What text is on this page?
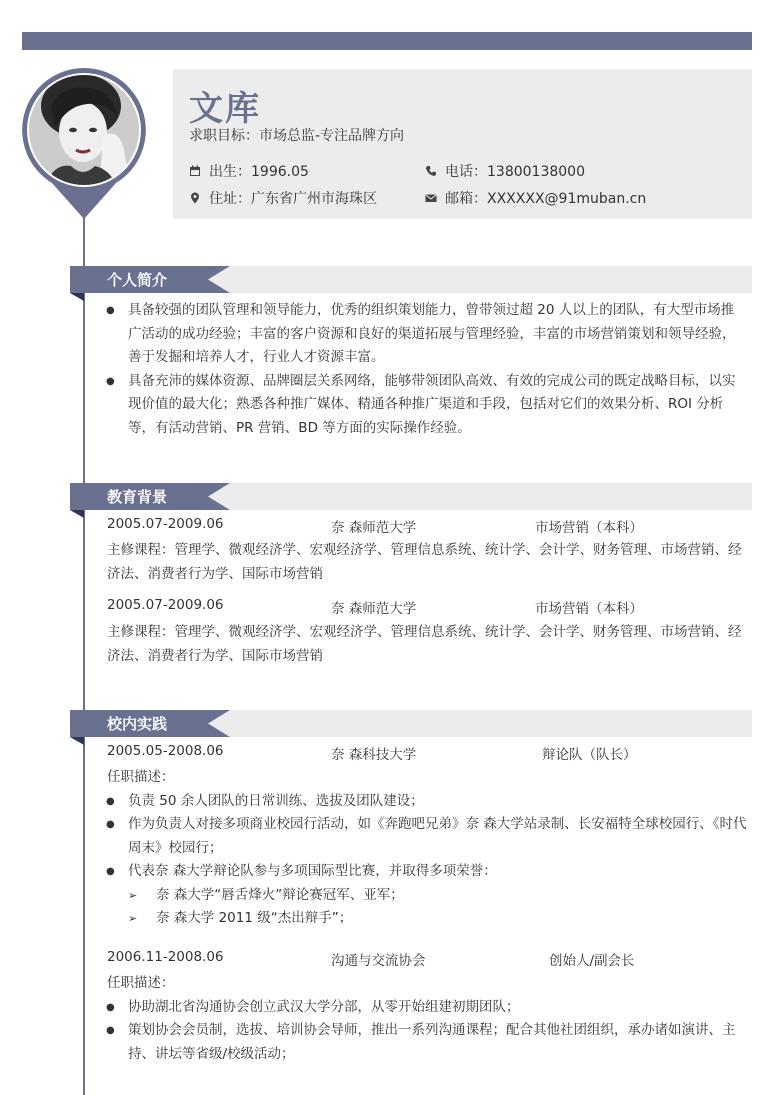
文库
求职目标：市场总监-专注品牌方向
出生：1996.05	电话：13800138000
住址：广东省广州市海珠区	邮箱：XXXXXX@91muban.cn
个人简介
● 具备较强的团队管理和领导能力，优秀的组织策划能力，曾带领过超 20 人以上的团队，有大型市场推广活动的成功经验；丰富的客户资源和良好的渠道拓展与管理经验，丰富的市场营销策划和领导经验，善于发掘和培养人才，行业人才资源丰富。
● 具备充沛的媒体资源、品牌圈层关系网络，能够带领团队高效、有效的完成公司的既定战略目标，以实现价值的最大化；熟悉各种推广媒体、精通各种推广渠道和手段，包括对它们的效果分析、ROI 分析等，有活动营销、PR 营销、BD 等方面的实际操作经验。
教育背景
2005.07-2009.06	奈 森师范大学	市场营销（本科）
主修课程：管理学、微观经济学、宏观经济学、管理信息系统、统计学、会计学、财务管理、市场营销、经济法、消费者行为学、国际市场营销
2005.07-2009.06	奈 森师范大学	市场营销（本科）
主修课程：管理学、微观经济学、宏观经济学、管理信息系统、统计学、会计学、财务管理、市场营销、经济法、消费者行为学、国际市场营销
校内实践
2005.05-2008.06	奈 森科技大学	辩论队（队长）
任职描述：
● 负责 50 余人团队的日常训练、选拔及团队建设；
● 作为负责人对接多项商业校园行活动，如《奔跑吧兄弟》奈 森大学站录制、长安福特全球校园行、《时代周末》校园行；
● 代表奈 森大学辩论队参与多项国际型比赛，并取得多项荣誉：
➢ 奈 森大学“唇舌烽火”辩论赛冠军、亚军；
➢ 奈 森大学 2011 级“杰出辩手”；
2006.11-2008.06	沟通与交流协会	创始人/副会长
任职描述：
● 协助湖北省沟通协会创立武汉大学分部，从零开始组建初期团队；
● 策划协会会员制，选拔、培训协会导师，推出一系列沟通课程；配合其他社团组织，承办诸如演讲、主持、讲坛等省级/校级活动；
